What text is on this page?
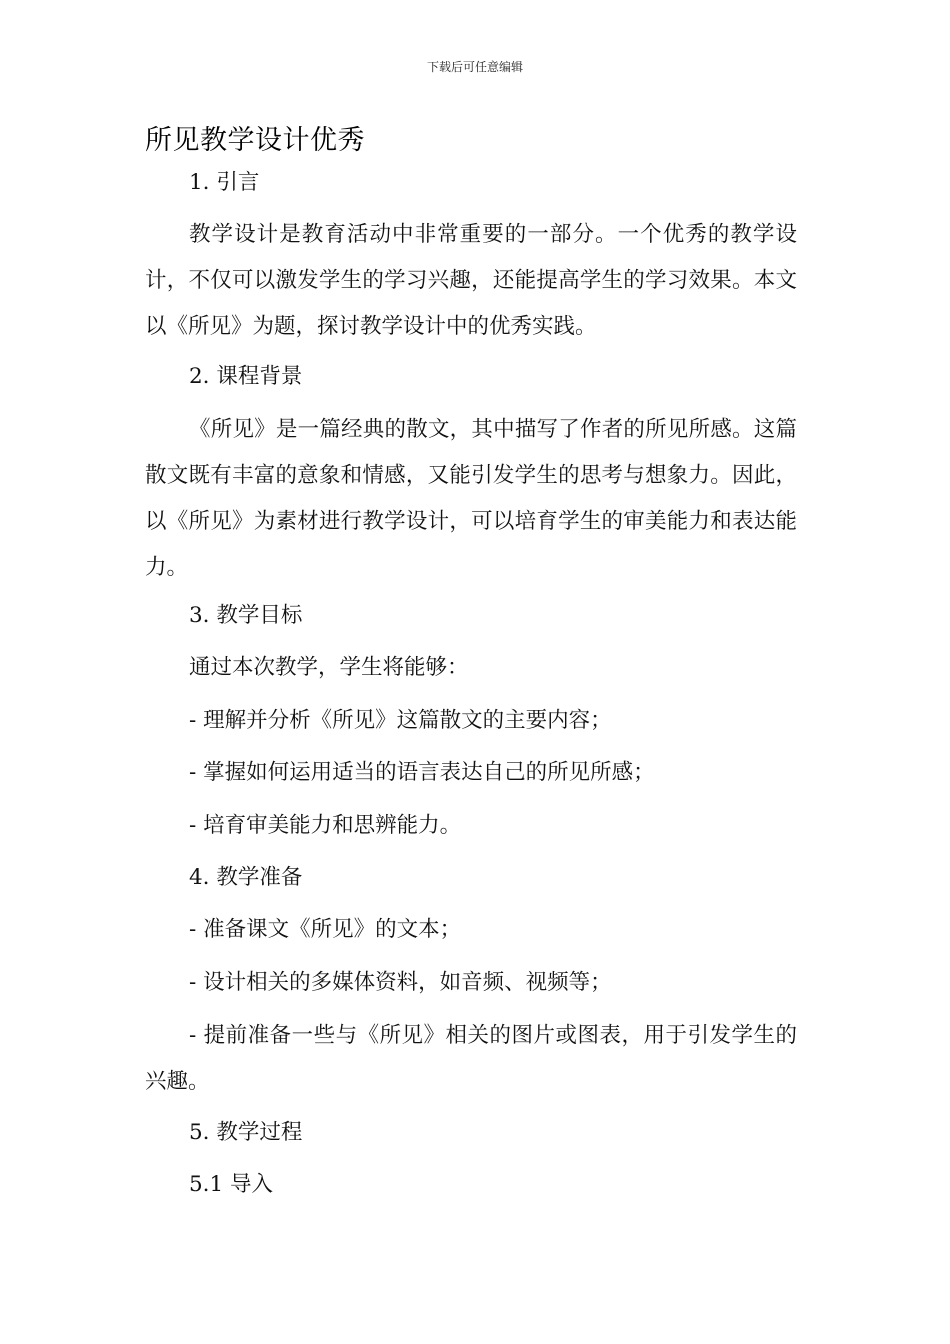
下载后可任意编辑
所见教学设计优秀
1. 引言
教学设计是教育活动中非常重要的一部分。一个优秀的教学设计，不仅可以激发学生的学习兴趣，还能提高学生的学习效果。本文以《所见》为题，探讨教学设计中的优秀实践。
2. 课程背景
《所见》是一篇经典的散文，其中描写了作者的所见所感。这篇散文既有丰富的意象和情感，又能引发学生的思考与想象力。因此，以《所见》为素材进行教学设计，可以培育学生的审美能力和表达能力。
3. 教学目标
通过本次教学，学生将能够：
- 理解并分析《所见》这篇散文的主要内容；
- 掌握如何运用适当的语言表达自己的所见所感；
- 培育审美能力和思辨能力。
4. 教学准备
- 准备课文《所见》的文本；
- 设计相关的多媒体资料，如音频、视频等；
- 提前准备一些与《所见》相关的图片或图表，用于引发学生的兴趣。
5. 教学过程
5.1 导入
